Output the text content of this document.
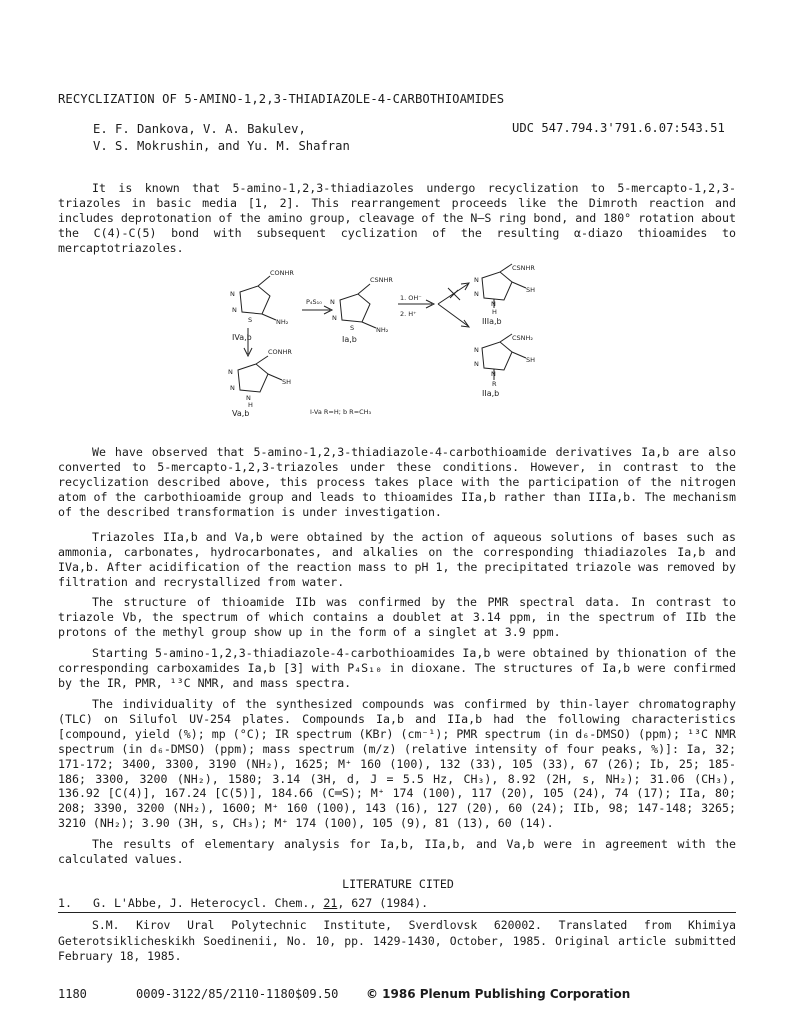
RECYCLIZATION OF 5-AMINO-1,2,3-THIADIAZOLE-4-CARBOTHIOAMIDES
E. F. Dankova, V. A. Bakulev,
V. S. Mokrushin, and Yu. M. Shafran
UDC 547.794.3'791.6.07:543.51

It is known that 5-amino-1,2,3-thiadiazoles undergo recyclization to 5-mercapto-1,2,3-triazoles in basic media [1, 2]. This rearrangement proceeds like the Dimroth reaction and includes deprotonation of the amino group, cleavage of the N—S ring bond, and 180° rotation about the C(4)-C(5) bond with subsequent cyclization of the resulting α-diazo thioamides to mercaptotriazoles.

CONHR
NH₂
N
N
S
CONHR
SH
N
N
N
H
P₄S₁₀
CSNHR
NH₂
N
N
S
1. OH⁻
2. H⁺
CSNHR
SH
N
N
N
H
CSNH₂
SH
N
N
N
R
IVa,b	Ia,b
IIIa,b
IIa,b
Va,b	I-Va R=H; b R=CH₃

We have observed that 5-amino-1,2,3-thiadiazole-4-carbothioamide derivatives Ia,b are also converted to 5-mercapto-1,2,3-triazoles under these conditions. However, in contrast to the recyclization described above, this process takes place with the participation of the nitrogen atom of the carbothioamide group and leads to thioamides IIa,b rather than IIIa,b. The mechanism of the described transformation is under investigation.

Triazoles IIa,b and Va,b were obtained by the action of aqueous solutions of bases such as ammonia, carbonates, hydrocarbonates, and alkalies on the corresponding thiadiazoles Ia,b and IVa,b. After acidification of the reaction mass to pH 1, the precipitated triazole was removed by filtration and recrystallized from water.

The structure of thioamide IIb was confirmed by the PMR spectral data. In contrast to triazole Vb, the spectrum of which contains a doublet at 3.14 ppm, in the spectrum of IIb the protons of the methyl group show up in the form of a singlet at 3.9 ppm.

Starting 5-amino-1,2,3-thiadiazole-4-carbothioamides Ia,b were obtained by thionation of the corresponding carboxamides Ia,b [3] with P₄S₁₀ in dioxane. The structures of Ia,b were confirmed by the IR, PMR, ¹³C NMR, and mass spectra.

The individuality of the synthesized compounds was confirmed by thin-layer chromatography (TLC) on Silufol UV-254 plates. Compounds Ia,b and IIa,b had the following characteristics [compound, yield (%); mp (°C); IR spectrum (KBr) (cm⁻¹); PMR spectrum (in d₆-DMSO) (ppm); ¹³C NMR spectrum (in d₆-DMSO) (ppm); mass spectrum (m/z) (relative intensity of four peaks, %)]: Ia, 32; 171-172; 3400, 3300, 3190 (NH₂), 1625; M⁺ 160 (100), 132 (33), 105 (33), 67 (26); Ib, 25; 185-186; 3300, 3200 (NH₂), 1580; 3.14 (3H, d, J = 5.5 Hz, CH₃), 8.92 (2H, s, NH₂); 31.06 (CH₃), 136.92 [C(4)], 167.24 [C(5)], 184.66 (C═S); M⁺ 174 (100), 117 (20), 105 (24), 74 (17); IIa, 80; 208; 3390, 3200 (NH₂), 1600; M⁺ 160 (100), 143 (16), 127 (20), 60 (24); IIb, 98; 147-148; 3265; 3210 (NH₂); 3.90 (3H, s, CH₃); M⁺ 174 (100), 105 (9), 81 (13), 60 (14).

The results of elementary analysis for Ia,b, IIa,b, and Va,b were in agreement with the calculated values.

LITERATURE CITED
1. G. L'Abbe, J. Heterocycl. Chem., 21, 627 (1984).

S.M. Kirov Ural Polytechnic Institute, Sverdlovsk 620002. Translated from Khimiya Geterotsiklicheskikh Soedinenii, No. 10, pp. 1429-1430, October, 1985. Original article submitted February 18, 1985.

1180	0009-3122/85/2110-1180$09.50 © 1986 Plenum Publishing Corporation
